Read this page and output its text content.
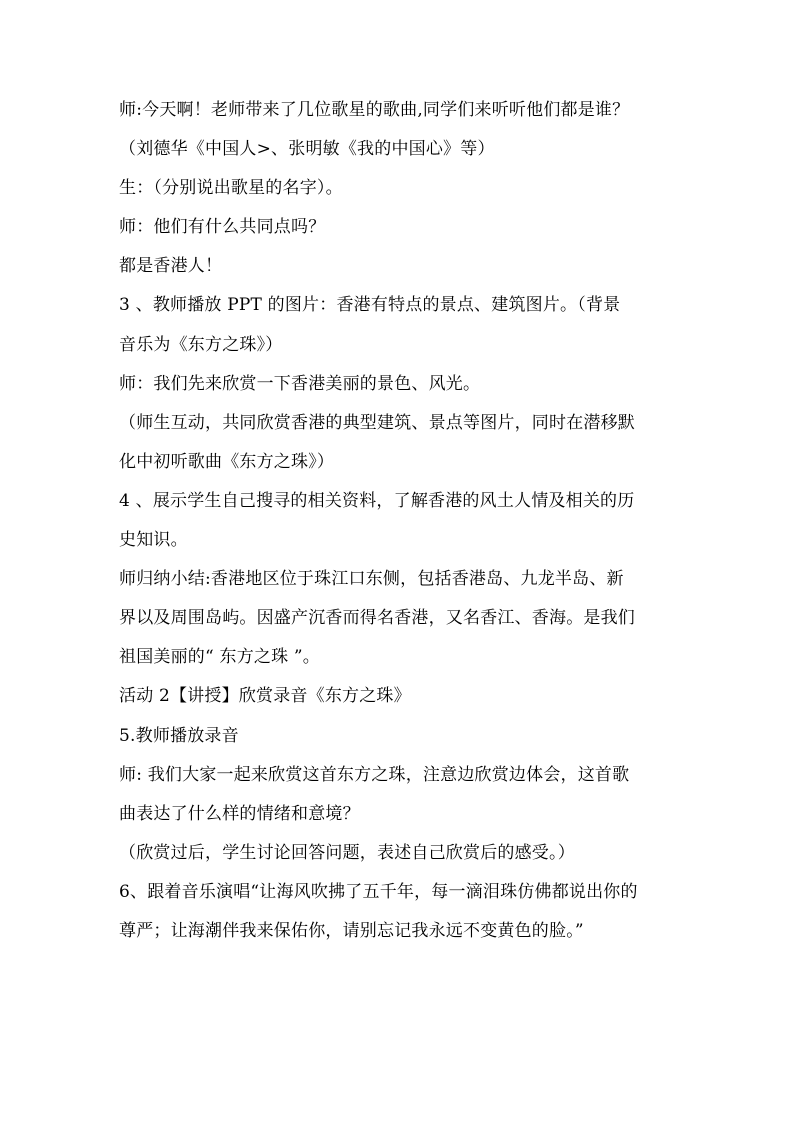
师:今天啊！老师带来了几位歌星的歌曲,同学们来听听他们都是谁？

（刘德华《中国人>、张明敏《我的中国心》等）

生：（分别说出歌星的名字）。

师：他们有什么共同点吗？

都是香港人！

3 、教师播放 PPT 的图片：香港有特点的景点、建筑图片。（背景

音乐为《东方之珠》）

师：我们先来欣赏一下香港美丽的景色、风光。

（师生互动，共同欣赏香港的典型建筑、景点等图片，同时在潜移默

化中初听歌曲《东方之珠》）

4 、展示学生自己搜寻的相关资料，了解香港的风土人情及相关的历

史知识。

师归纳小结:香港地区位于珠江口东侧，包括香港岛、九龙半岛、新

界以及周围岛屿。因盛产沉香而得名香港，又名香江、香海。是我们

祖国美丽的“ 东方之珠 ”。

活动 2【讲授】欣赏录音《东方之珠》

5.教师播放录音

师: 我们大家一起来欣赏这首东方之珠，注意边欣赏边体会，这首歌

曲表达了什么样的情绪和意境？

（欣赏过后，学生讨论回答问题，表述自己欣赏后的感受。）

6、跟着音乐演唱“让海风吹拂了五千年，每一滴泪珠仿佛都说出你的

尊严；让海潮伴我来保佑你，请别忘记我永远不变黄色的脸。”
